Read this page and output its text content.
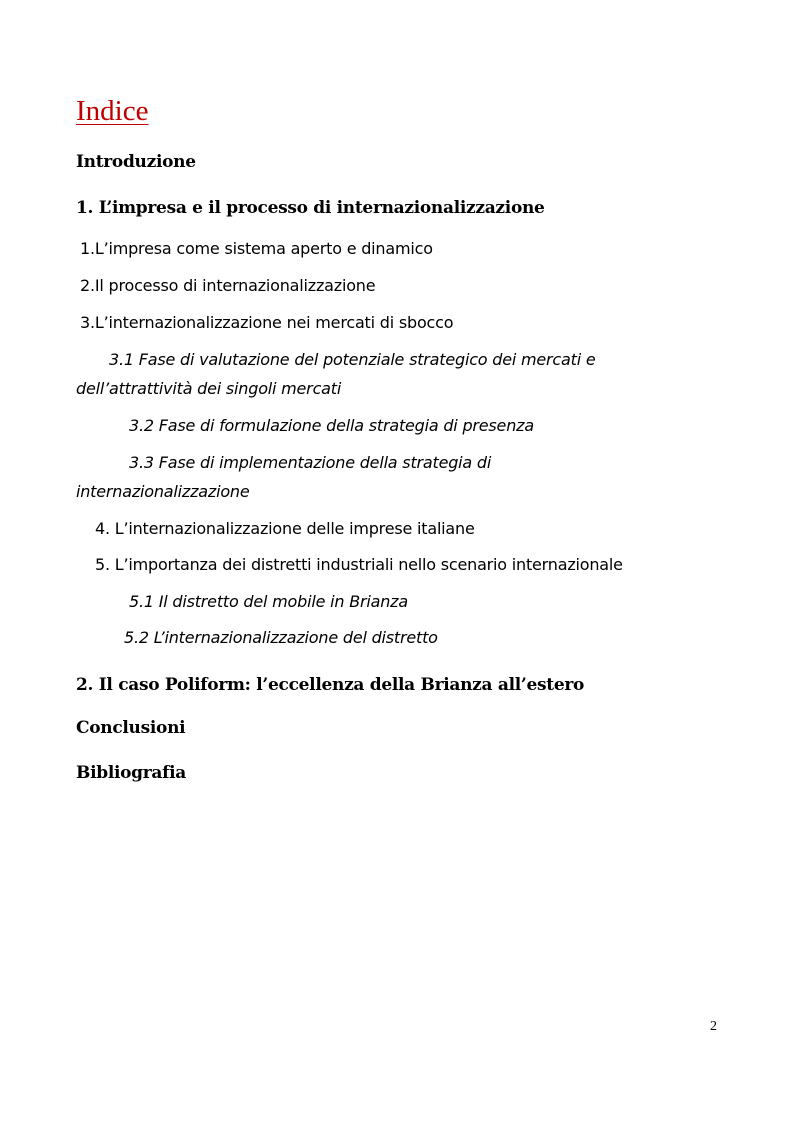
Indice

Introduzione

1. L’impresa e il processo di internazionalizzazione

1.L’impresa come sistema aperto e dinamico

2.Il processo di internazionalizzazione

3.L’internazionalizzazione nei mercati di sbocco

3.1 Fase di valutazione del potenziale strategico dei mercati e

dell’attrattività dei singoli mercati

3.2 Fase di formulazione della strategia di presenza

3.3 Fase di implementazione della strategia di

internazionalizzazione

4. L’internazionalizzazione delle imprese italiane

5. L’importanza dei distretti industriali nello scenario internazionale

5.1 Il distretto del mobile in Brianza

5.2 L’internazionalizzazione del distretto

2. Il caso Poliform: l’eccellenza della Brianza all’estero

Conclusioni

Bibliografia

2
